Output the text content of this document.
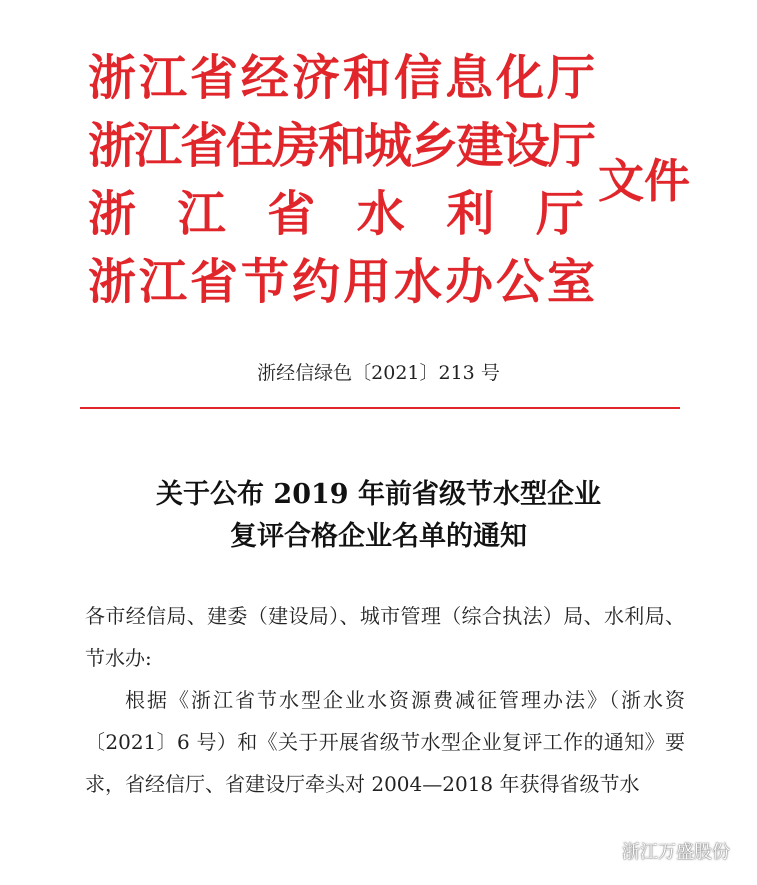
浙江省经济和信息化厅
浙江省住房和城乡建设厅
浙 江 省 水 利 厅
浙江省节约用水办公室
文件
浙经信绿色〔2021〕213 号
关于公布 2019 年前省级节水型企业
复评合格企业名单的通知

各市经信局、建委（建设局）、城市管理（综合执法）局、水利局、节水办:

根据《浙江省节水型企业水资源费减征管理办法》（浙水资〔2021〕6 号）和《关于开展省级节水型企业复评工作的通知》要求，省经信厅、省建设厅牵头对 2004—2018 年获得省级节水

浙江万盛股份
